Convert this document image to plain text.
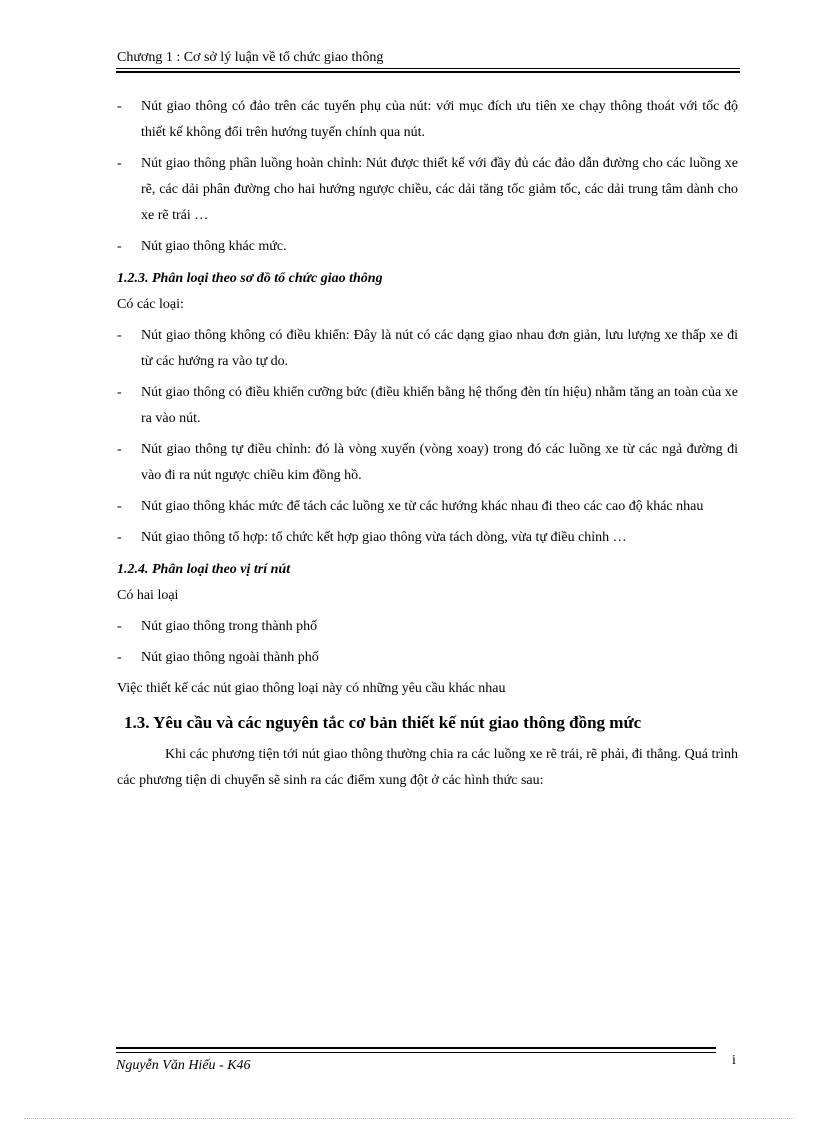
Chương 1 : Cơ sở lý luận về tổ chức giao thông
- Nút giao thông có đảo trên các tuyến phụ của nút: với mục đích ưu tiên xe chạy thông thoát với tốc độ thiết kế không đổi trên hướng tuyến chính qua nút.

- Nút giao thông phân luồng hoàn chỉnh: Nút được thiết kế với đầy đủ các đảo dẫn đường cho các luồng xe rẽ, các dải phân đường cho hai hướng ngược chiều, các dải tăng tốc giảm tốc, các dải trung tâm dành cho xe rẽ trái …

- Nút giao thông khác mức.

1.2.3. Phân loại theo sơ đồ tổ chức giao thông
Có các loại:
- Nút giao thông không có điều khiển: Đây là nút có các dạng giao nhau đơn giản, lưu lượng xe thấp xe đi từ các hướng ra vào tự do.

- Nút giao thông có điều khiển cưỡng bức (điều khiển bằng hệ thống đèn tín hiệu) nhằm tăng an toàn của xe ra vào nút.

- Nút giao thông tự điều chỉnh: đó là vòng xuyến (vòng xoay) trong đó các luồng xe từ các ngả đường đi vào đi ra nút ngược chiều kim đồng hồ.

- Nút giao thông khác mức để tách các luồng xe từ các hướng khác nhau đi theo các cao độ khác nhau

- Nút giao thông tổ hợp: tổ chức kết hợp giao thông vừa tách dòng, vừa tự điều chỉnh …

1.2.4. Phân loại theo vị trí nút
Có hai loại
- Nút giao thông trong thành phố

- Nút giao thông ngoài thành phố

Việc thiết kế các nút giao thông loại này có những yêu cầu khác nhau
1.3. Yêu cầu và các nguyên tắc cơ bản thiết kế nút giao thông đồng mức

Khi các phương tiện tới nút giao thông thường chia ra các luồng xe rẽ trái, rẽ phải, đi thẳng. Quá trình các phương tiện di chuyển sẽ sinh ra các điểm xung đột ở các hình thức sau:

Nguyễn Văn Hiếu - K46	i
